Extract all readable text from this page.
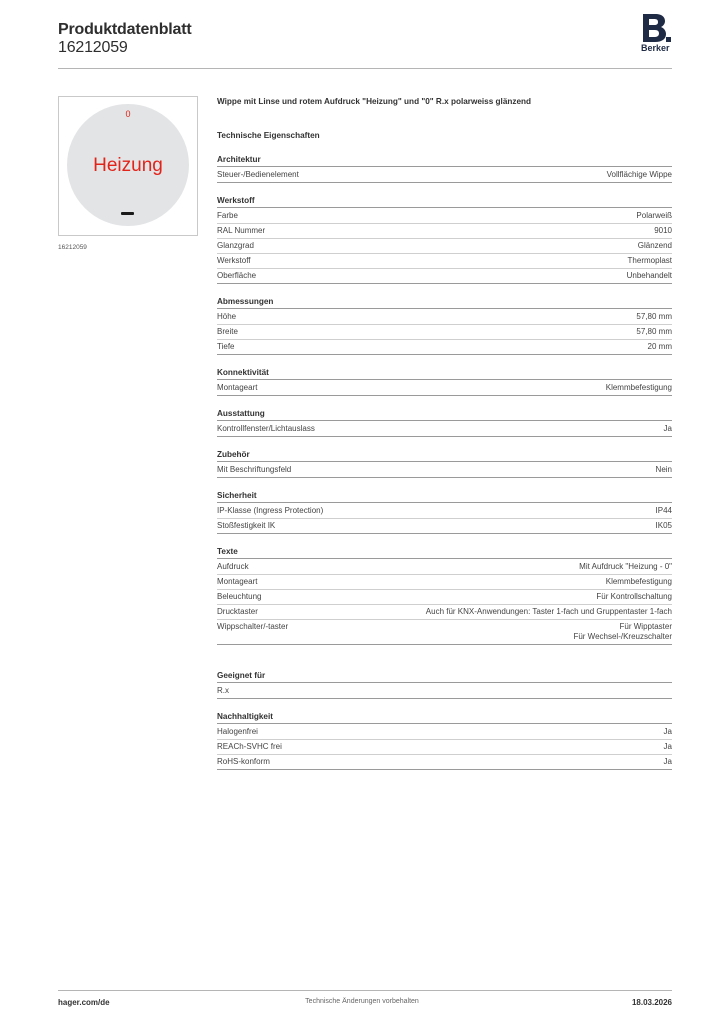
Produktdatenblatt
16212059	Berker
0
Heizung
16212059
Wippe mit Linse und rotem Aufdruck "Heizung" und "0" R.x polarweiss glänzend
Technische Eigenschaften
Architektur
Steuer-/Bedienelement	Vollflächige Wippe
Werkstoff
Farbe	Polarweiß
RAL Nummer	9010
Glanzgrad	Glänzend
Werkstoff	Thermoplast
Oberfläche	Unbehandelt
Abmessungen
Höhe	57,80 mm
Breite	57,80 mm
Tiefe	20 mm
Konnektivität
Montageart	Klemmbefestigung
Ausstattung
Kontrollfenster/Lichtauslass	Ja
Zubehör
Mit Beschriftungsfeld	Nein
Sicherheit
IP-Klasse (Ingress Protection)	IP44
Stoßfestigkeit IK	IK05
Texte
Aufdruck	Mit Aufdruck "Heizung - 0"
Montageart	Klemmbefestigung
Beleuchtung	Für Kontrollschaltung
Drucktaster	Auch für KNX-Anwendungen: Taster 1-fach und Gruppentaster 1-fach
Wippschalter/-taster	Für Wipptaster
Für Wechsel-/Kreuzschalter
Geeignet für
R.x
Nachhaltigkeit
Halogenfrei	Ja
REACh-SVHC frei	Ja
RoHS-konform	Ja
hager.com/de	Technische Änderungen vorbehalten	18.03.2026
